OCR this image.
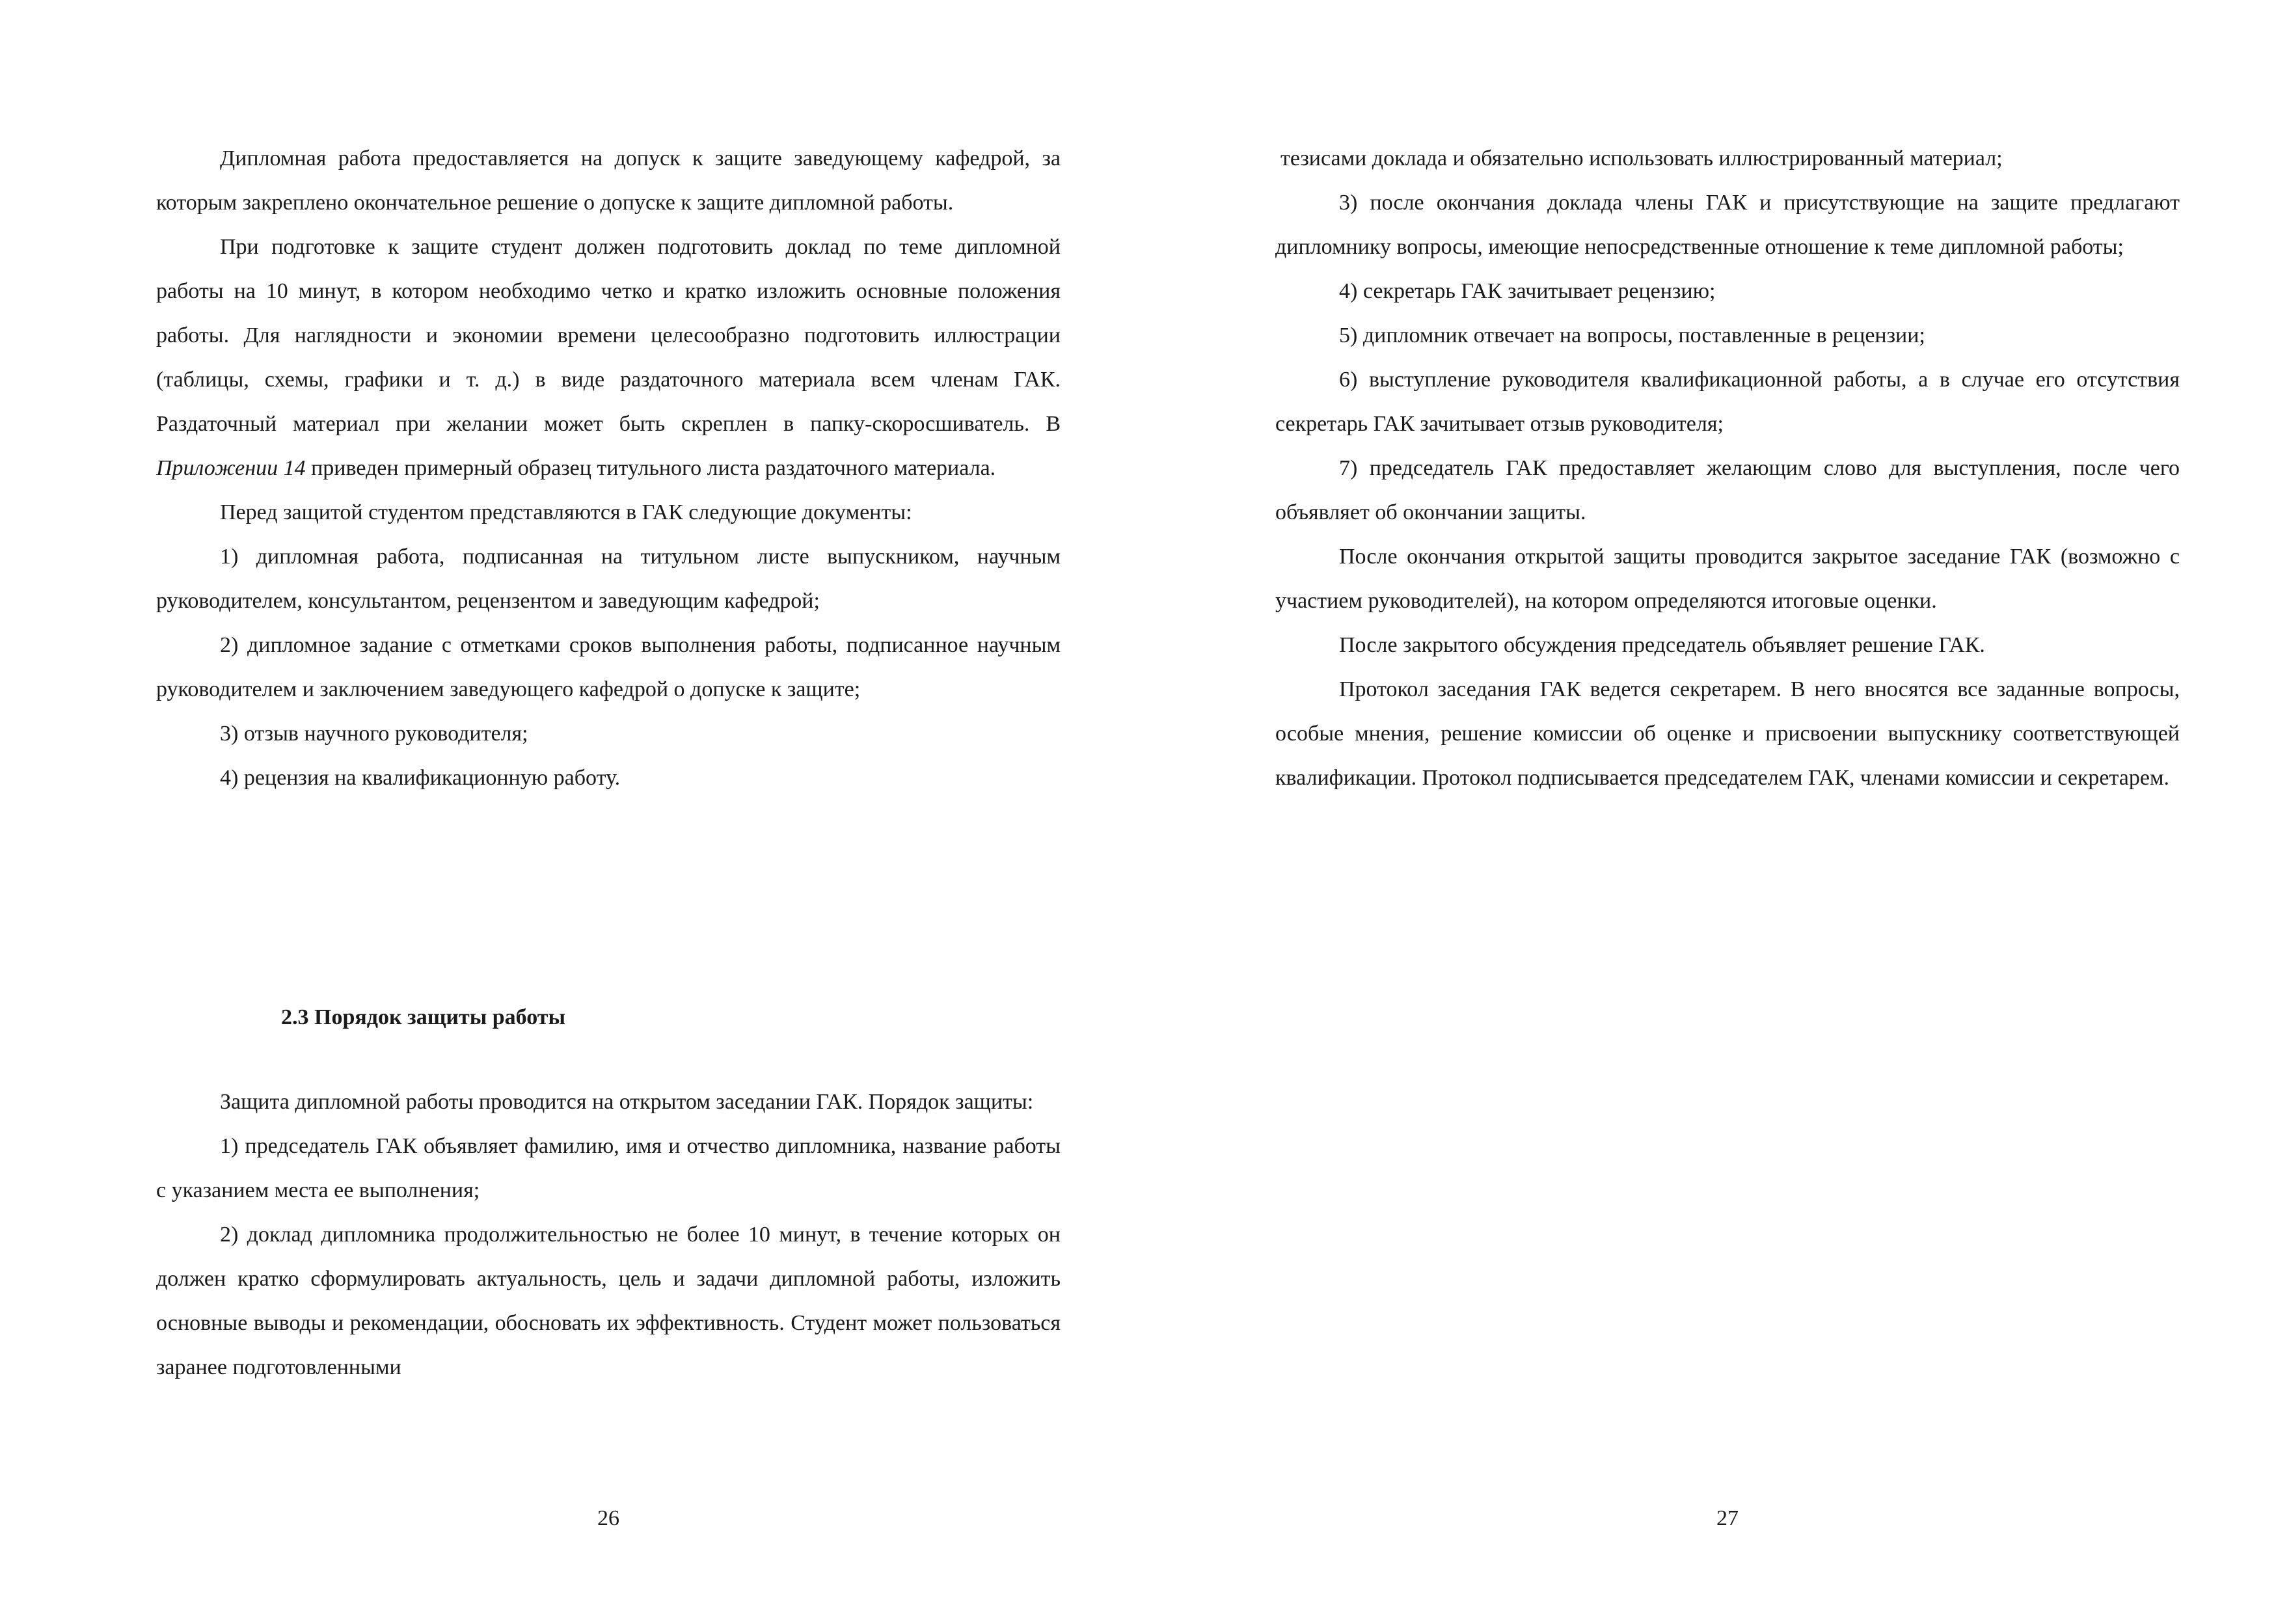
Дипломная работа предоставляется на допуск к защите заведующему кафедрой, за которым закреплено окончательное решение о допуске к защите дипломной работы.

При подготовке к защите студент должен подготовить доклад по теме дипломной работы на 10 минут, в котором необходимо четко и кратко изложить основные положения работы. Для наглядности и экономии времени целесообразно подготовить иллюстрации (таблицы, схемы, графики и т. д.) в виде раздаточного материала всем членам ГАК. Раздаточный материал при желании может быть скреплен в папку-скоросшиватель. В Приложении 14 приведен примерный образец титульного листа раздаточного материала.

Перед защитой студентом представляются в ГАК следующие документы:

1) дипломная работа, подписанная на титульном листе выпускником, научным руководителем, консультантом, рецензентом и заведующим кафедрой;

2) дипломное задание с отметками сроков выполнения работы, подписанное научным руководителем и заключением заведующего кафедрой о допуске к защите;

3) отзыв научного руководителя;

4) рецензия на квалификационную работу.

2.3 Порядок защиты работы

Защита дипломной работы проводится на открытом заседании ГАК. Порядок защиты:

1) председатель ГАК объявляет фамилию, имя и отчество дипломника, название работы с указанием места ее выполнения;

2) доклад дипломника продолжительностью не более 10 минут, в течение которых он должен кратко сформулировать актуальность, цель и задачи дипломной работы, изложить основные выводы и рекомендации, обосновать их эффективность. Студент может пользоваться заранее подготовленными

26

тезисами доклада и обязательно использовать иллюстрированный материал;

3) после окончания доклада члены ГАК и присутствующие на защите предлагают дипломнику вопросы, имеющие непосредственные отношение к теме дипломной работы;

4) секретарь ГАК зачитывает рецензию;

5) дипломник отвечает на вопросы, поставленные в рецензии;

6) выступление руководителя квалификационной работы, а в случае его отсутствия секретарь ГАК зачитывает отзыв руководителя;

7) председатель ГАК предоставляет желающим слово для выступления, после чего объявляет об окончании защиты.

После окончания открытой защиты проводится закрытое заседание ГАК (возможно с участием руководителей), на котором определяются итоговые оценки.

После закрытого обсуждения председатель объявляет решение ГАК.

Протокол заседания ГАК ведется секретарем. В него вносятся все заданные вопросы, особые мнения, решение комиссии об оценке и присвоении выпускнику соответствующей квалификации. Протокол подписывается председателем ГАК, членами комиссии и секретарем.

27
